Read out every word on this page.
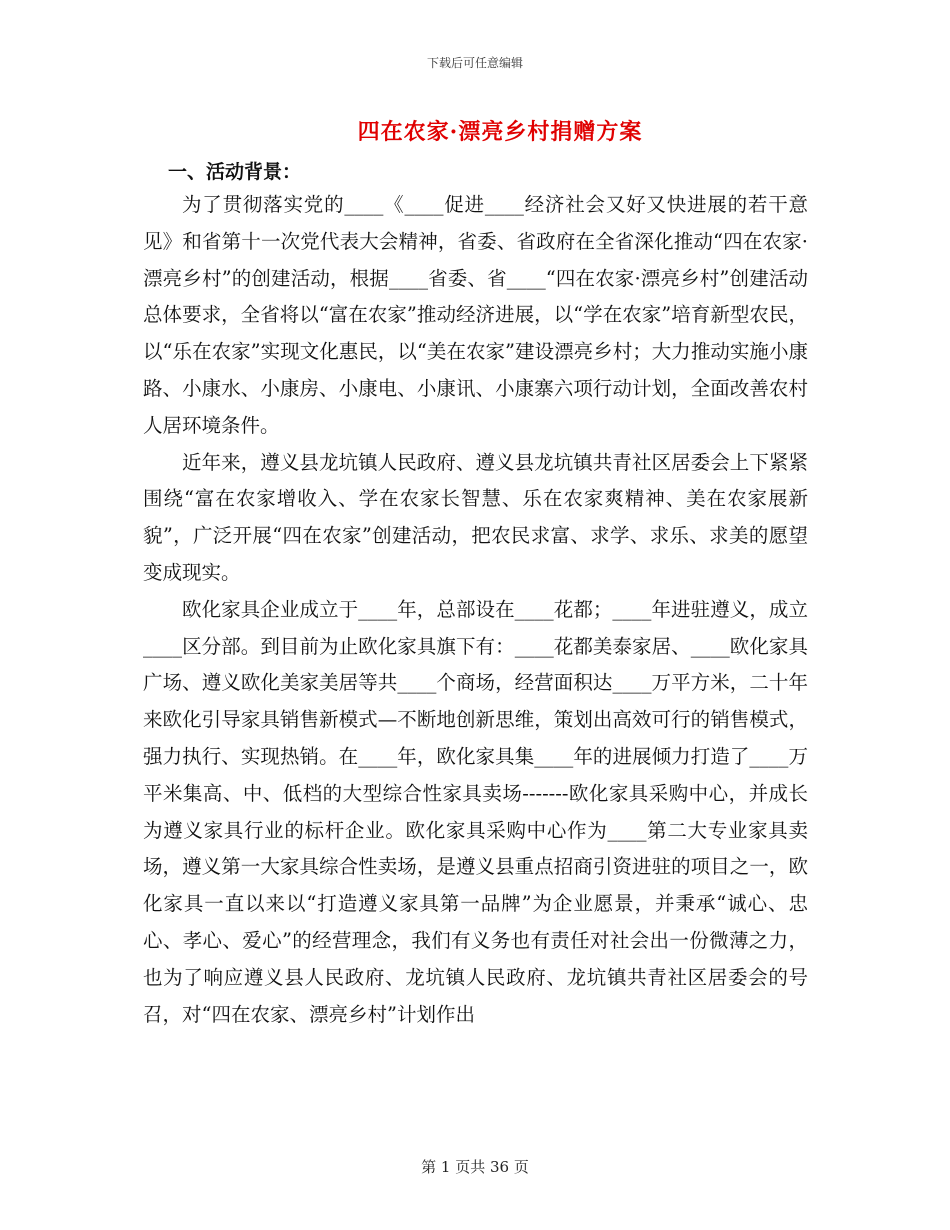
下载后可任意编辑
四在农家·漂亮乡村捐赠方案
一、活动背景：

为了贯彻落实党的____《____促进____经济社会又好又快进展的若干意见》和省第十一次党代表大会精神，省委、省政府在全省深化推动“四在农家·漂亮乡村”的创建活动，根据____省委、省____“四在农家·漂亮乡村”创建活动总体要求，全省将以“富在农家”推动经济进展，以“学在农家”培育新型农民，以“乐在农家”实现文化惠民，以“美在农家”建设漂亮乡村；大力推动实施小康路、小康水、小康房、小康电、小康讯、小康寨六项行动计划，全面改善农村人居环境条件。

近年来，遵义县龙坑镇人民政府、遵义县龙坑镇共青社区居委会上下紧紧围绕“富在农家增收入、学在农家长智慧、乐在农家爽精神、美在农家展新貌”，广泛开展“四在农家”创建活动，把农民求富、求学、求乐、求美的愿望变成现实。

欧化家具企业成立于____年，总部设在____花都；____年进驻遵义，成立____区分部。到目前为止欧化家具旗下有：____花都美泰家居、____欧化家具广场、遵义欧化美家美居等共____个商场，经营面积达____万平方米，二十年来欧化引导家具销售新模式—不断地创新思维，策划出高效可行的销售模式，强力执行、实现热销。在____年，欧化家具集____年的进展倾力打造了____万平米集高、中、低档的大型综合性家具卖场-------欧化家具采购中心，并成长为遵义家具行业的标杆企业。欧化家具采购中心作为____第二大专业家具卖场，遵义第一大家具综合性卖场，是遵义县重点招商引资进驻的项目之一，欧化家具一直以来以“打造遵义家具第一品牌”为企业愿景，并秉承“诚心、忠心、孝心、爱心”的经营理念，我们有义务也有责任对社会出一份微薄之力，也为了响应遵义县人民政府、龙坑镇人民政府、龙坑镇共青社区居委会的号召，对“四在农家、漂亮乡村”计划作出

第 1 页共 36 页
